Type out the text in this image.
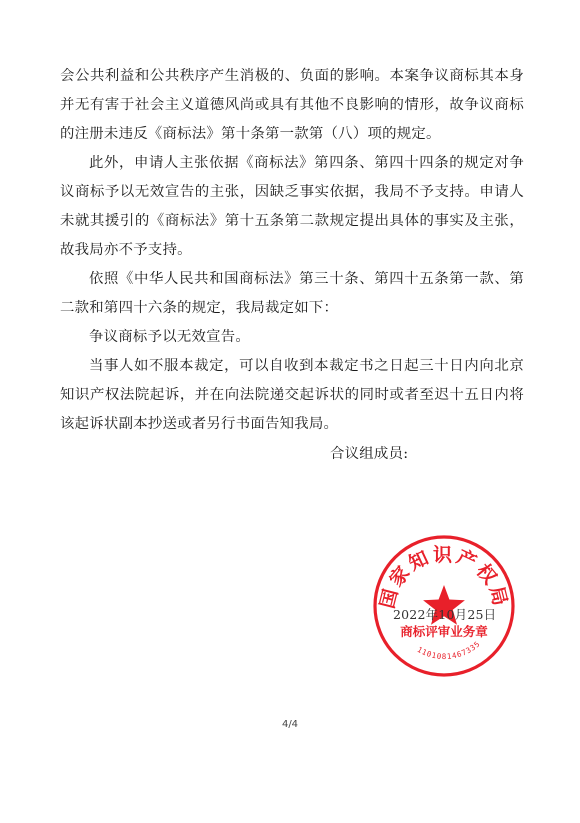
会公共利益和公共秩序产生消极的、负面的影响。本案争议商标其本身并无有害于社会主义道德风尚或具有其他不良影响的情形，故争议商标的注册未违反《商标法》第十条第一款第（八）项的规定。

此外，申请人主张依据《商标法》第四条、第四十四条的规定对争议商标予以无效宣告的主张，因缺乏事实依据，我局不予支持。申请人未就其援引的《商标法》第十五条第二款规定提出具体的事实及主张，故我局亦不予支持。

依照《中华人民共和国商标法》第三十条、第四十五条第一款、第二款和第四十六条的规定，我局裁定如下：

争议商标予以无效宣告。

当事人如不服本裁定，可以自收到本裁定书之日起三十日内向北京知识产权法院起诉，并在向法院递交起诉状的同时或者至迟十五日内将该起诉状副本抄送或者另行书面告知我局。

合议组成员:
国家知识产权局
商标评审业务章
1101081467335
2022年10月25日
4/4
